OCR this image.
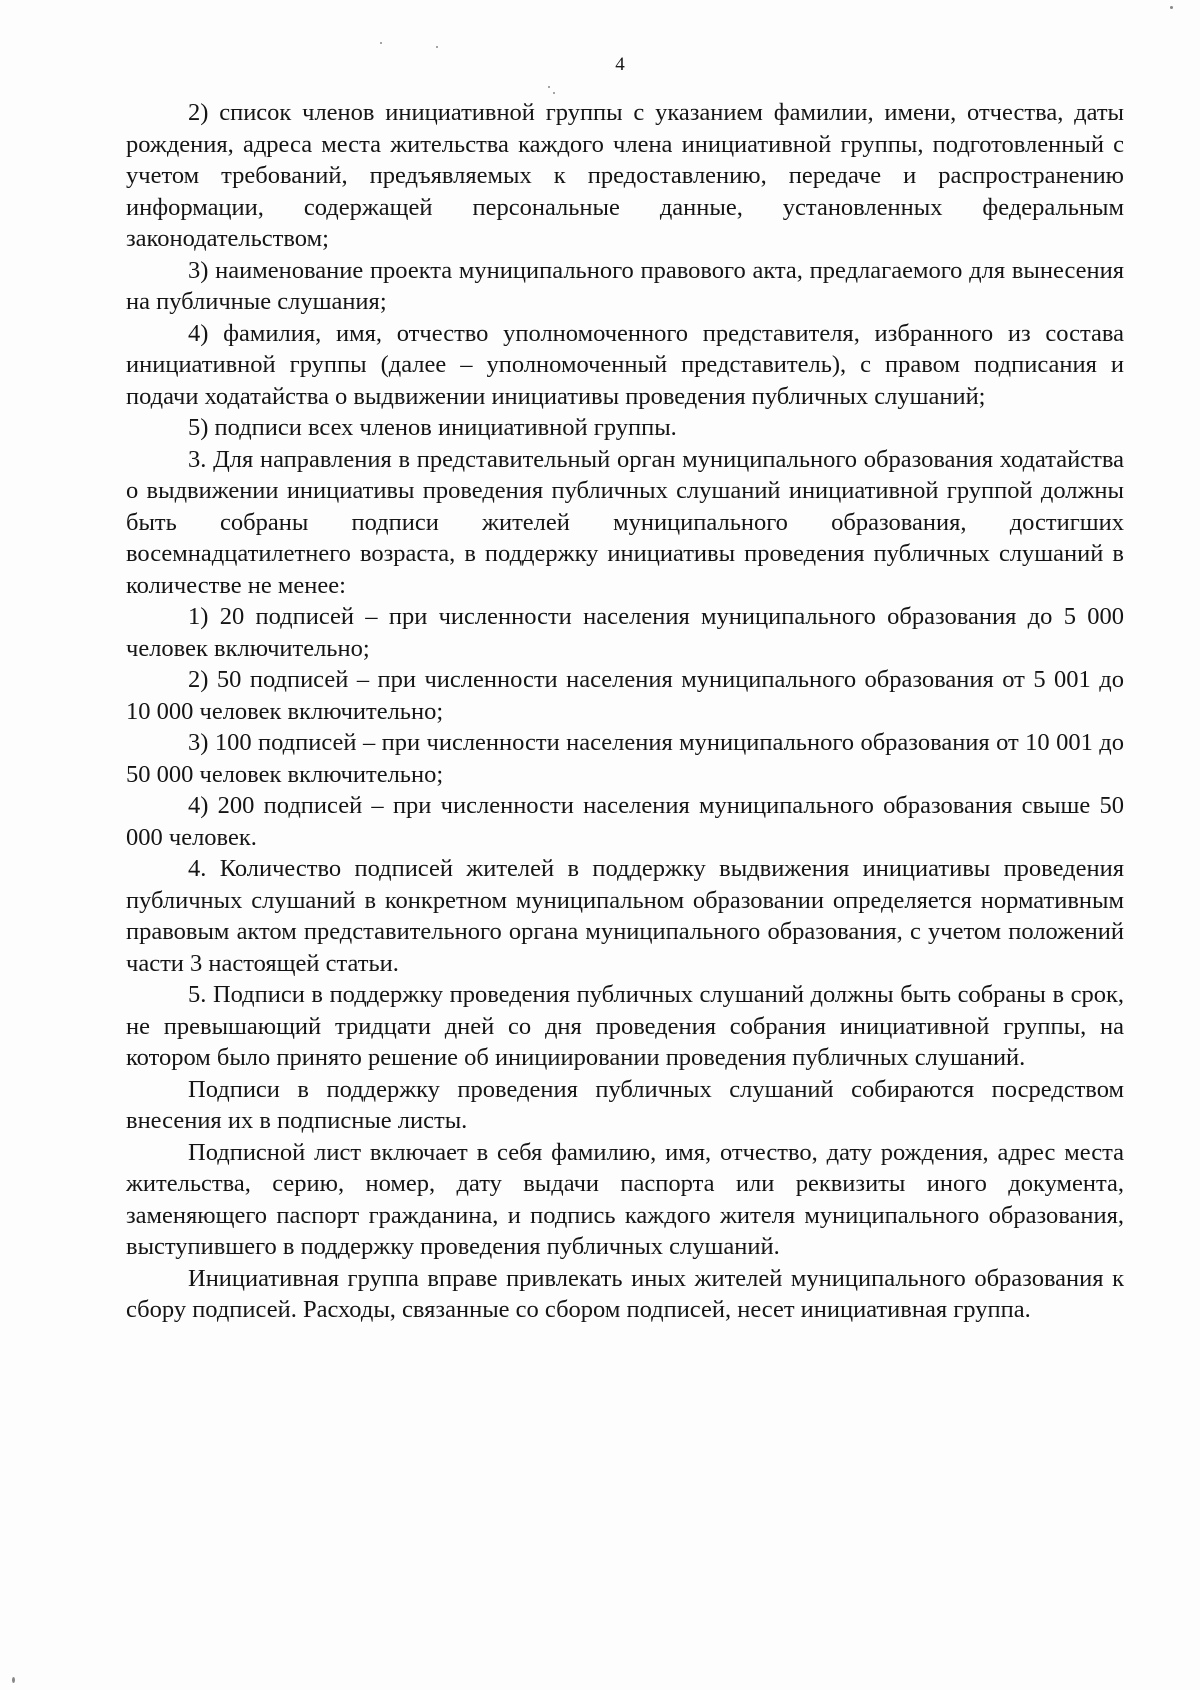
4

2) список членов инициативной группы с указанием фамилии, имени, отчества, даты рождения, адреса места жительства каждого члена инициативной группы, подготовленный с учетом требований, предъявляемых к предоставлению, передаче и распространению информации, содержащей персональные данные, установленных федеральным законодательством;

3) наименование проекта муниципального правового акта, предлагаемого для вынесения на публичные слушания;

4) фамилия, имя, отчество уполномоченного представителя, избранного из состава инициативной группы (далее – уполномоченный представитель), с правом подписания и подачи ходатайства о выдвижении инициативы проведения публичных слушаний;

5) подписи всех членов инициативной группы.

3. Для направления в представительный орган муниципального образования ходатайства о выдвижении инициативы проведения публичных слушаний инициативной группой должны быть собраны подписи жителей муниципального образования, достигших восемнадцатилетнего возраста, в поддержку инициативы проведения публичных слушаний в количестве не менее:

1) 20 подписей – при численности населения муниципального образования до 5 000 человек включительно;

2) 50 подписей – при численности населения муниципального образования от 5 001 до 10 000 человек включительно;

3) 100 подписей – при численности населения муниципального образования от 10 001 до 50 000 человек включительно;

4) 200 подписей – при численности населения муниципального образования свыше 50 000 человек.

4. Количество подписей жителей в поддержку выдвижения инициативы проведения публичных слушаний в конкретном муниципальном образовании определяется нормативным правовым актом представительного органа муниципального образования, с учетом положений части 3 настоящей статьи.

5. Подписи в поддержку проведения публичных слушаний должны быть собраны в срок, не превышающий тридцати дней со дня проведения собрания инициативной группы, на котором было принято решение об инициировании проведения публичных слушаний.

Подписи в поддержку проведения публичных слушаний собираются посредством внесения их в подписные листы.

Подписной лист включает в себя фамилию, имя, отчество, дату рождения, адрес места жительства, серию, номер, дату выдачи паспорта или реквизиты иного документа, заменяющего паспорт гражданина, и подпись каждого жителя муниципального образования, выступившего в поддержку проведения публичных слушаний.

Инициативная группа вправе привлекать иных жителей муниципального образования к сбору подписей. Расходы, связанные со сбором подписей, несет инициативная группа.
